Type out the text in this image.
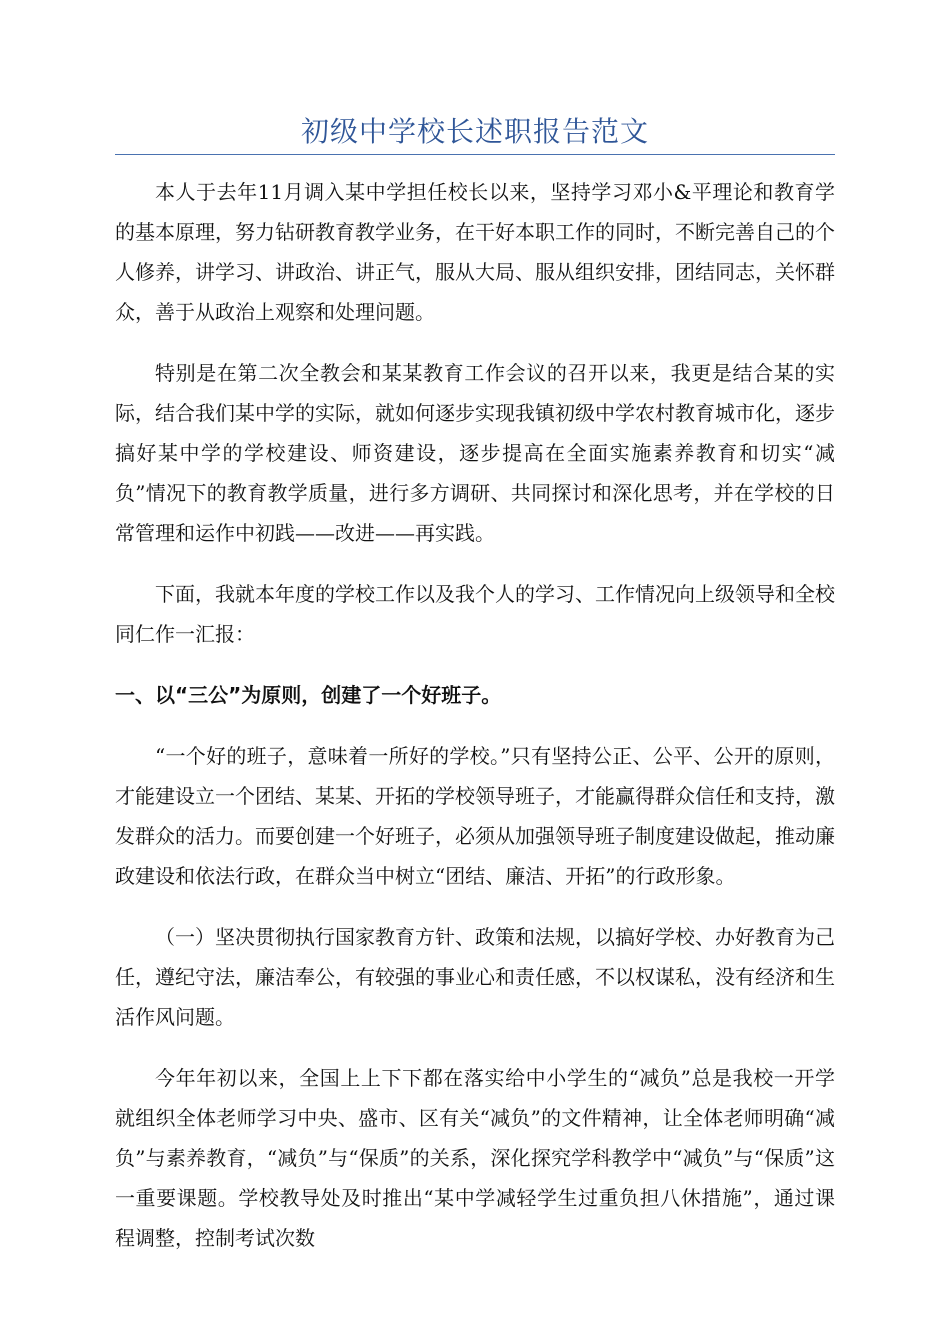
初级中学校长述职报告范文

本人于去年11月调入某中学担任校长以来，坚持学习邓小&平理论和教育学的基本原理，努力钻研教育教学业务，在干好本职工作的同时，不断完善自己的个人修养，讲学习、讲政治、讲正气，服从大局、服从组织安排，团结同志，关怀群众，善于从政治上观察和处理问题。

特别是在第二次全教会和某某教育工作会议的召开以来，我更是结合某的实际，结合我们某中学的实际，就如何逐步实现我镇初级中学农村教育城市化，逐步搞好某中学的学校建设、师资建设，逐步提高在全面实施素养教育和切实“减负”情况下的教育教学质量，进行多方调研、共同探讨和深化思考，并在学校的日常管理和运作中初践——改进——再实践。

下面，我就本年度的学校工作以及我个人的学习、工作情况向上级领导和全校同仁作一汇报：

一、以“三公”为原则，创建了一个好班子。

“一个好的班子，意味着一所好的学校。”只有坚持公正、公平、公开的原则，才能建设立一个团结、某某、开拓的学校领导班子，才能赢得群众信任和支持，激发群众的活力。而要创建一个好班子，必须从加强领导班子制度建设做起，推动廉政建设和依法行政，在群众当中树立“团结、廉洁、开拓”的行政形象。

（一）坚决贯彻执行国家教育方针、政策和法规，以搞好学校、办好教育为己任，遵纪守法，廉洁奉公，有较强的事业心和责任感，不以权谋私，没有经济和生活作风问题。

今年年初以来，全国上上下下都在落实给中小学生的“减负”总是我校一开学就组织全体老师学习中央、盛市、区有关“减负”的文件精神，让全体老师明确“减负”与素养教育，“减负”与“保质”的关系，深化探究学科教学中“减负”与“保质”这一重要课题。学校教导处及时推出“某中学减轻学生过重负担八休措施”，通过课程调整，控制考试次数
